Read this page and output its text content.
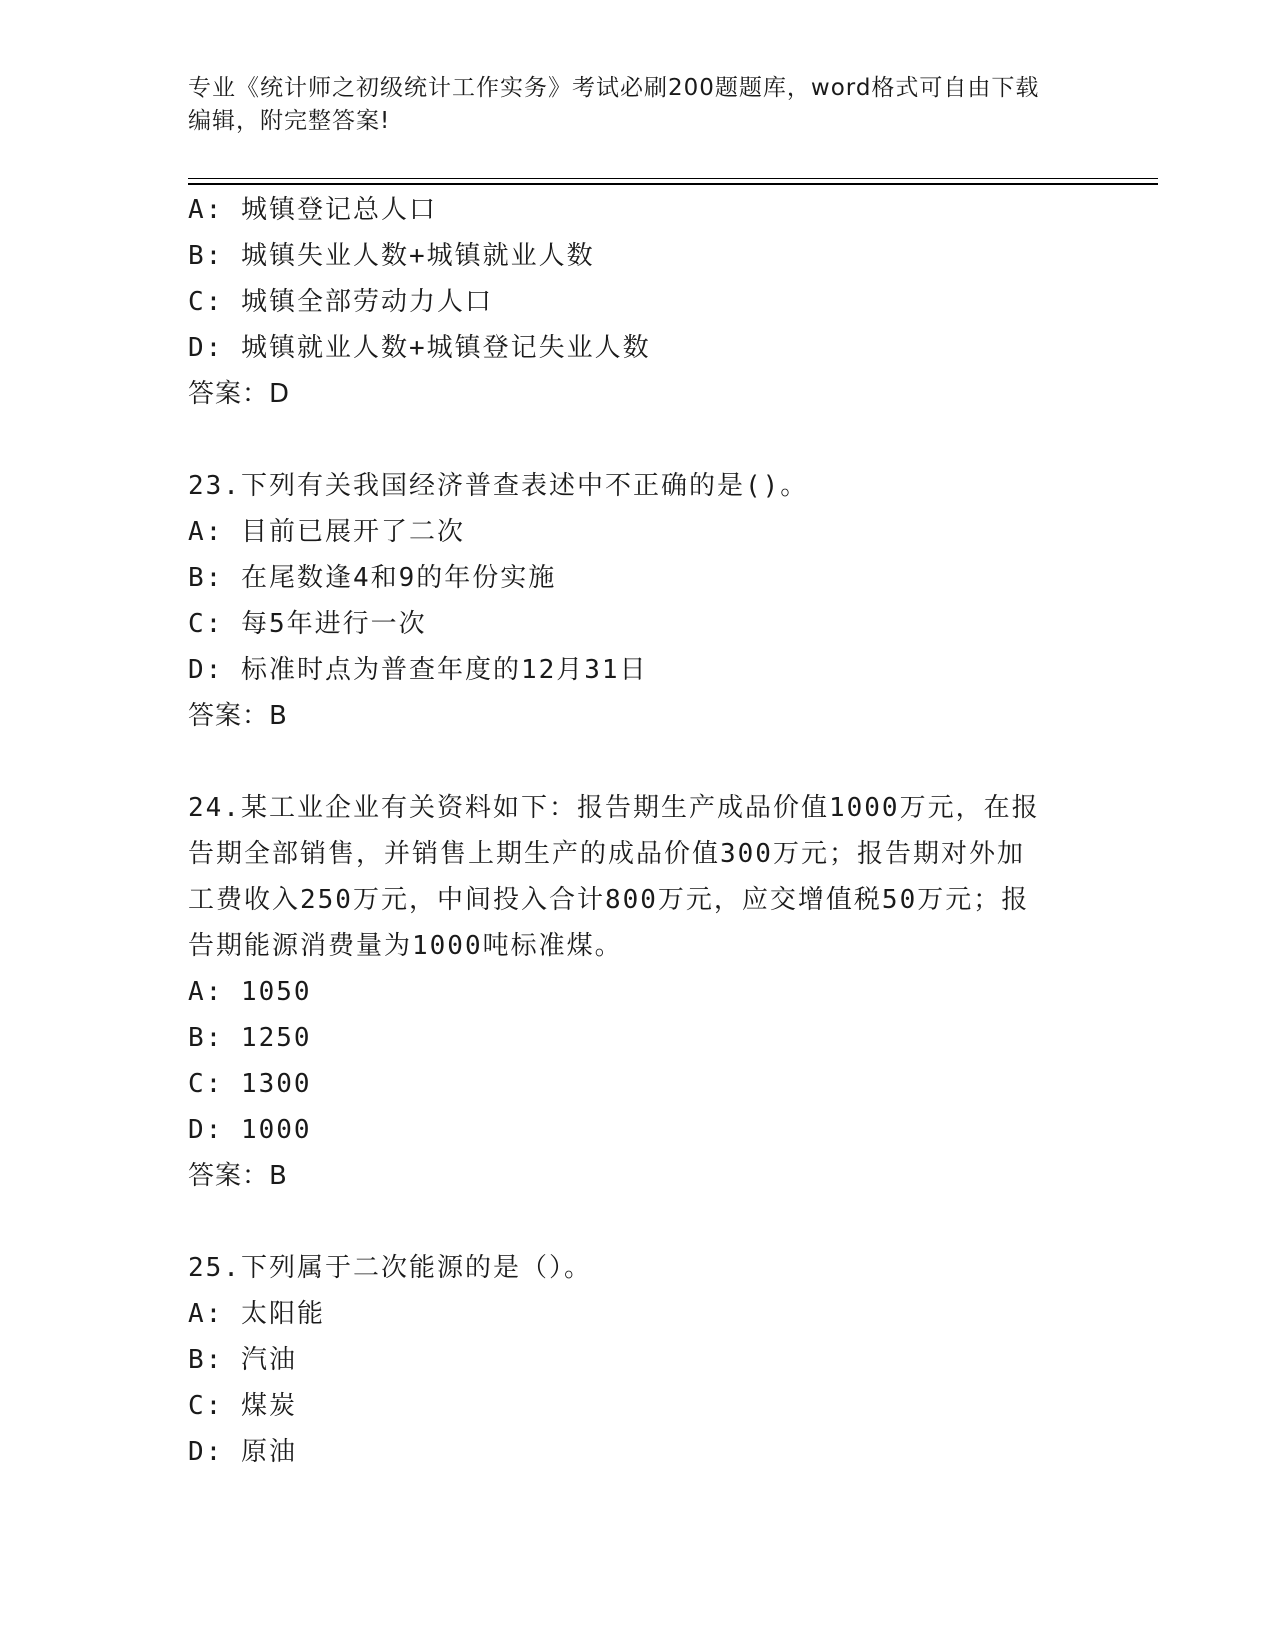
专业《统计师之初级统计工作实务》考试必刷200题题库，word格式可自由下载
编辑，附完整答案!
A: 城镇登记总人口
B: 城镇失业人数+城镇就业人数
C: 城镇全部劳动力人口
D: 城镇就业人数+城镇登记失业人数
答案：D
23.下列有关我国经济普查表述中不正确的是()。
A: 目前已展开了二次
B: 在尾数逢4和9的年份实施
C: 每5年进行一次
D: 标准时点为普查年度的12月31日
答案：B
24.某工业企业有关资料如下：报告期生产成品价值1000万元，在报
告期全部销售，并销售上期生产的成品价值300万元；报告期对外加
工费收入250万元，中间投入合计800万元，应交增值税50万元；报
告期能源消费量为1000吨标准煤。
A: 1050
B: 1250
C: 1300
D: 1000
答案：B
25.下列属于二次能源的是（）。
A: 太阳能
B: 汽油
C: 煤炭
D: 原油
